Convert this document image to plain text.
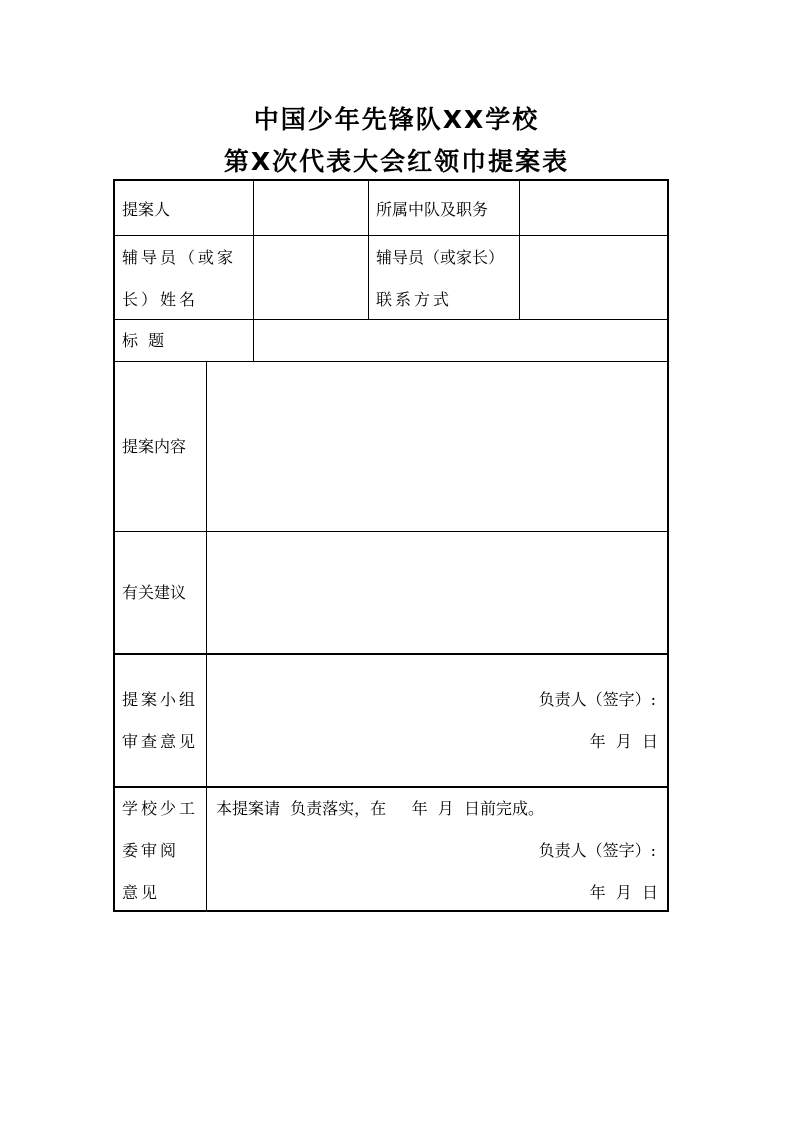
中国少年先锋队XX学校
第X次代表大会红领巾提案表
提案人	所属中队及职务
辅导员（或家
长）姓名
辅导员（或家长）
联系方式
标  题
提案内容
有关建议
提案小组
审查意见
负责人（签字）:
年  月  日
学校少工
委审阅
意见
本提案请  负责落实，在     年  月  日前完成。
负责人（签字）:
年  月  日
